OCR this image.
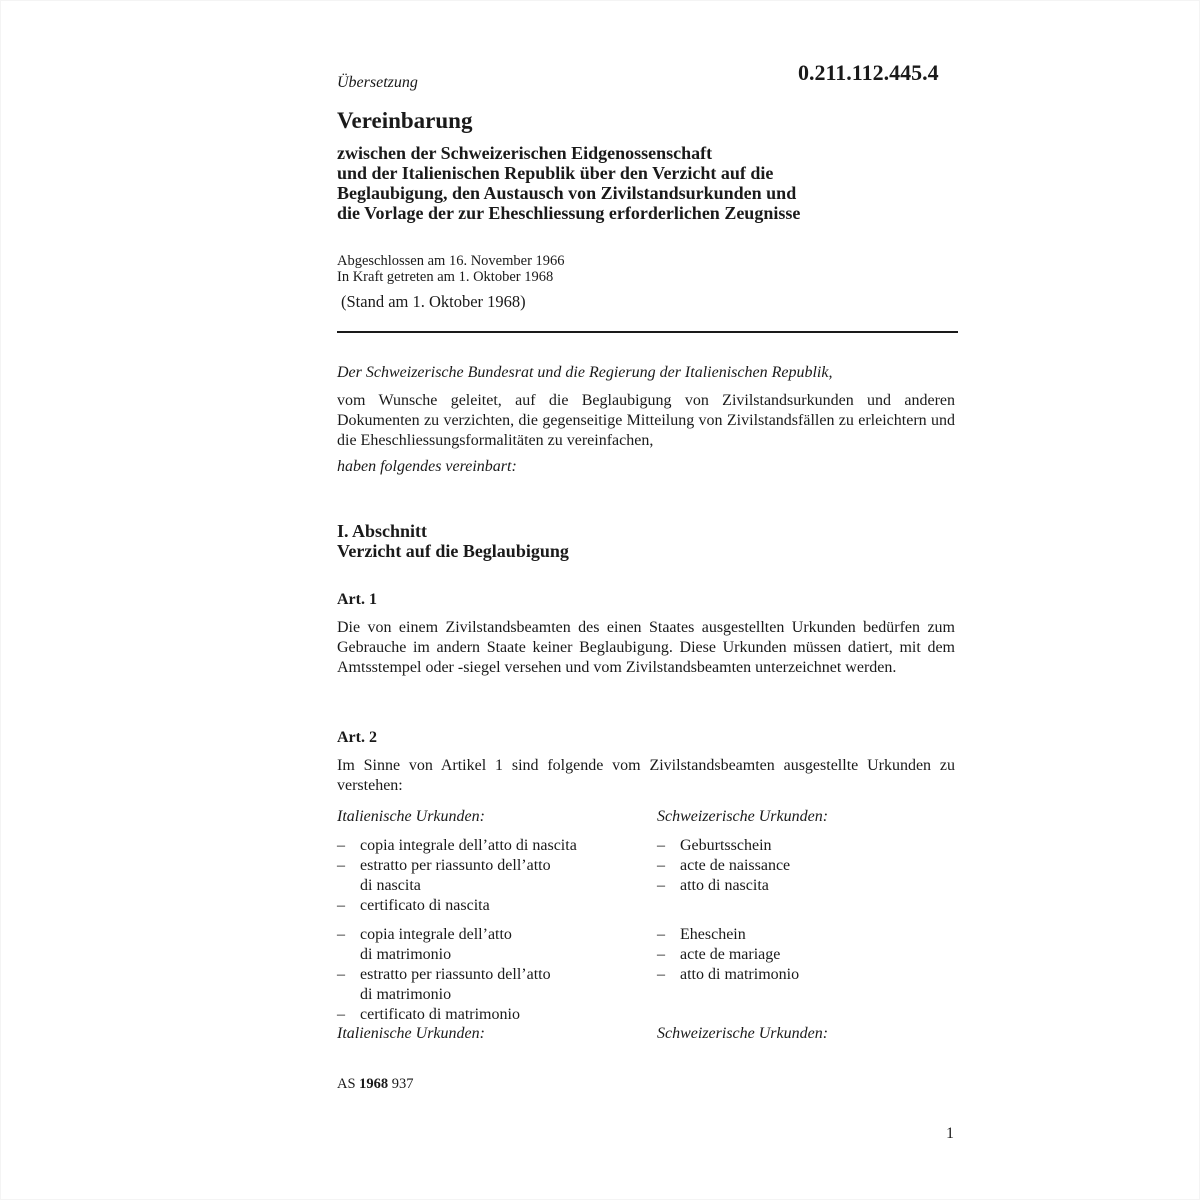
0.211.112.445.4
Übersetzung
Vereinbarung
zwischen der Schweizerischen Eidgenossenschaft
und der Italienischen Republik über den Verzicht auf die
Beglaubigung, den Austausch von Zivilstandsurkunden und
die Vorlage der zur Eheschliessung erforderlichen Zeugnisse
Abgeschlossen am 16. November 1966
In Kraft getreten am 1. Oktober 1968
(Stand am 1. Oktober 1968)
Der Schweizerische Bundesrat und die Regierung der Italienischen Republik,
vom Wunsche geleitet, auf die Beglaubigung von Zivilstandsurkunden und anderen Dokumenten zu verzichten, die gegenseitige Mitteilung von Zivilstandsfällen zu erleichtern und die Eheschliessungsformalitäten zu vereinfachen,
haben folgendes vereinbart:
I. Abschnitt
Verzicht auf die Beglaubigung
Art. 1
Die von einem Zivilstandsbeamten des einen Staates ausgestellten Urkunden bedürfen zum Gebrauche im andern Staate keiner Beglaubigung. Diese Urkunden müssen datiert, mit dem Amtsstempel oder -siegel versehen und vom Zivilstandsbeamten unterzeichnet werden.
Art. 2
Im Sinne von Artikel 1 sind folgende vom Zivilstandsbeamten ausgestellte Urkunden zu verstehen:
Italienische Urkunden:	Schweizerische Urkunden:
– copia integrale dell’atto di nascita
– estratto per riassunto dell’atto
di nascita
– certificato di nascita
– Geburtsschein
– acte de naissance
– atto di nascita
– copia integrale dell’atto
di matrimonio
– estratto per riassunto dell’atto
di matrimonio
– certificato di matrimonio
– Eheschein
– acte de mariage
– atto di matrimonio
Italienische Urkunden:	Schweizerische Urkunden:
AS 1968 937
1
